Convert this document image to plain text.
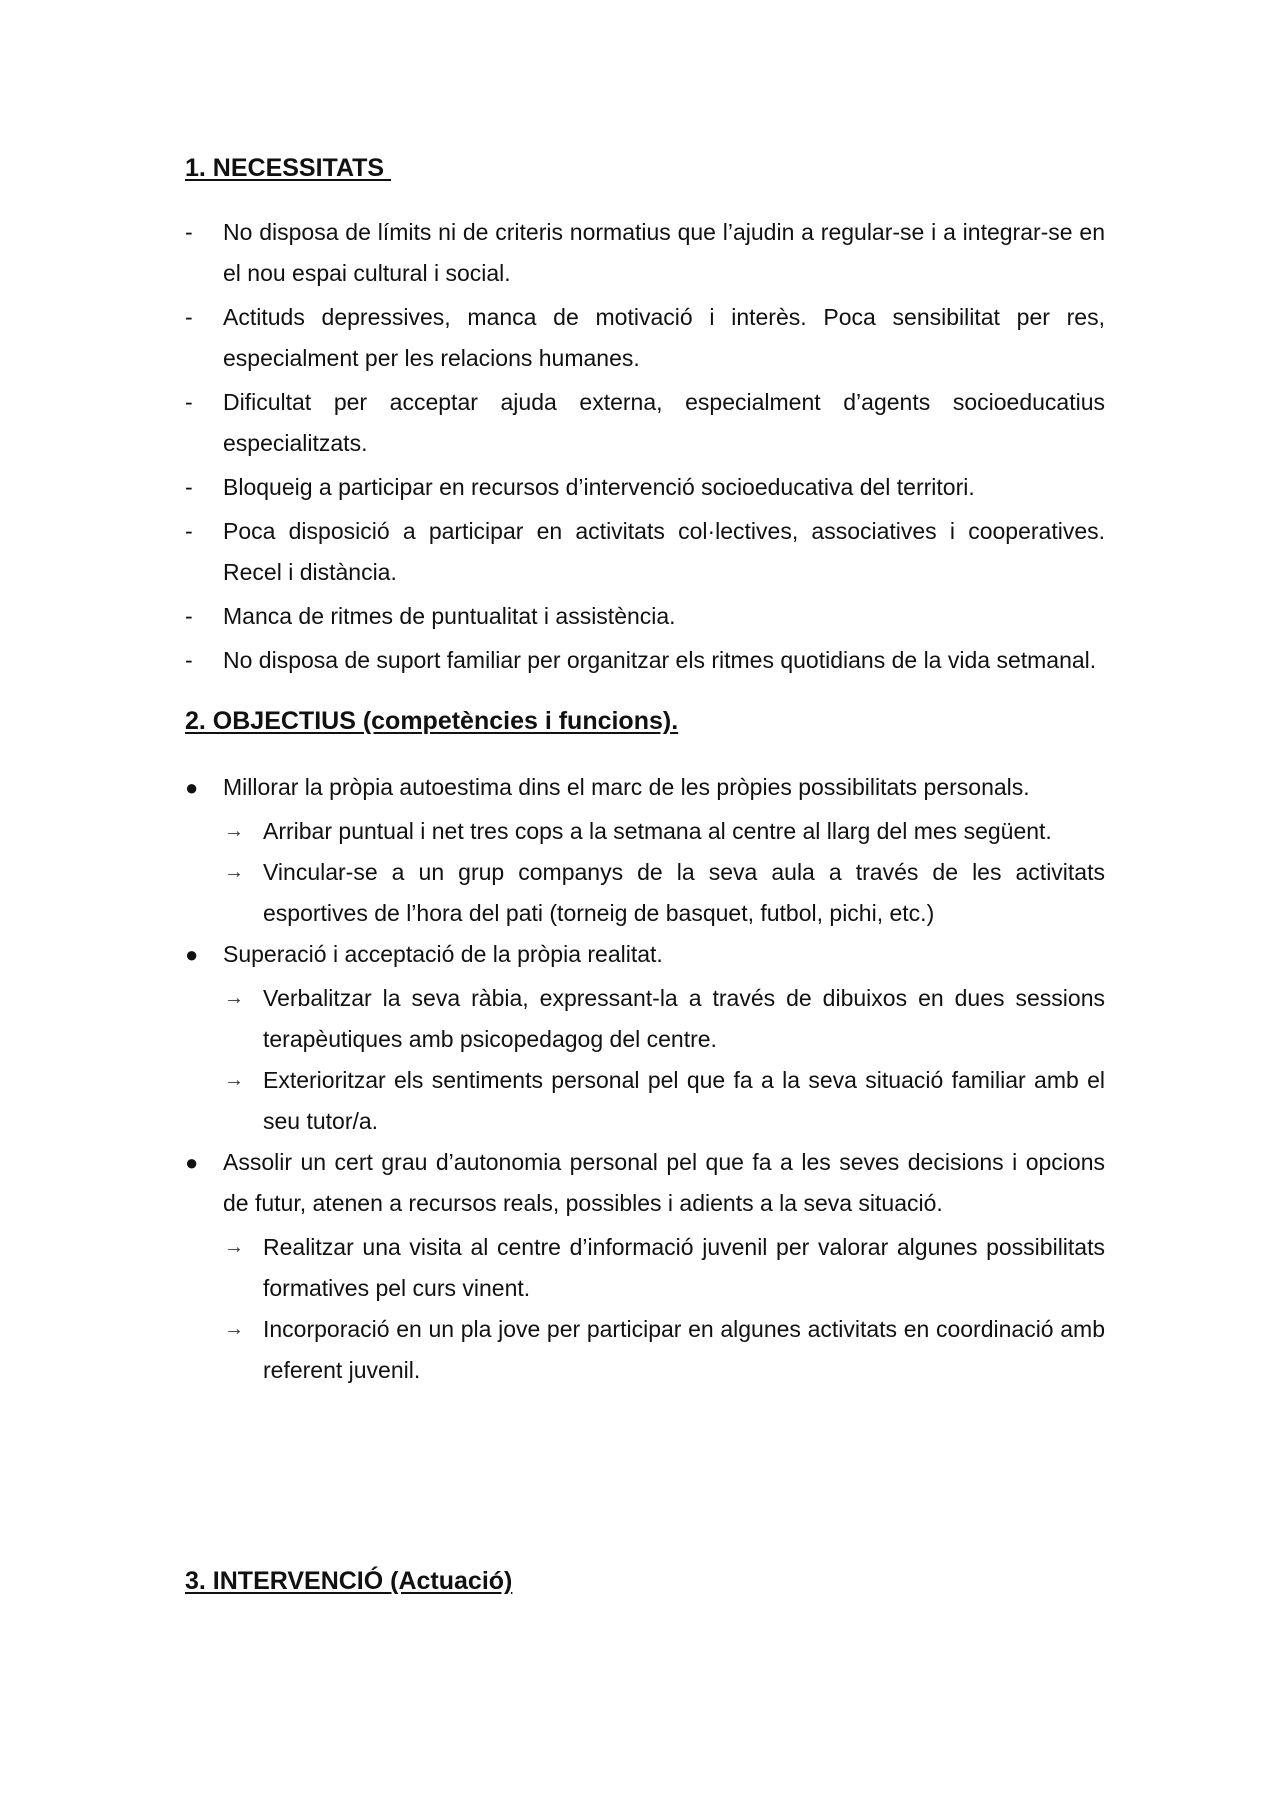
1. NECESSITATS
-	No disposa de límits ni de criteris normatius que l’ajudin a regular-se i a integrar-se en el nou espai cultural i social.
-	Actituds depressives, manca de motivació i interès. Poca sensibilitat per res, especialment per les relacions humanes.
-	Dificultat per acceptar ajuda externa, especialment d’agents socioeducatius especialitzats.
-	Bloqueig a participar en recursos d’intervenció socioeducativa del territori.
-	Poca disposició a participar en activitats col·lectives, associatives i cooperatives. Recel i distància.
-	Manca de ritmes de puntualitat i assistència.
-	No disposa de suport familiar per organitzar els ritmes quotidians de la vida setmanal.
2. OBJECTIUS (competències i funcions).
●	Millorar la pròpia autoestima dins el marc de les pròpies possibilitats personals.
→ Arribar puntual i net tres cops a la setmana al centre al llarg del mes següent.
→ Vincular-se a un grup companys de la seva aula a través de les activitats esportives de l’hora del pati (torneig de basquet, futbol, pichi, etc.)
●	Superació i acceptació de la pròpia realitat.
→ Verbalitzar la seva ràbia, expressant-la a través de dibuixos en dues sessions terapèutiques amb psicopedagog del centre.
→ Exterioritzar els sentiments personal pel que fa a la seva situació familiar amb el seu tutor/a.
●	Assolir un cert grau d’autonomia personal pel que fa a les seves decisions i opcions de futur, atenen a recursos reals, possibles i adients a la seva situació.
→ Realitzar una visita al centre d’informació juvenil per valorar algunes possibilitats formatives pel curs vinent.
→ Incorporació en un pla jove per participar en algunes activitats en coordinació amb referent juvenil.
3. INTERVENCIÓ (Actuació)
